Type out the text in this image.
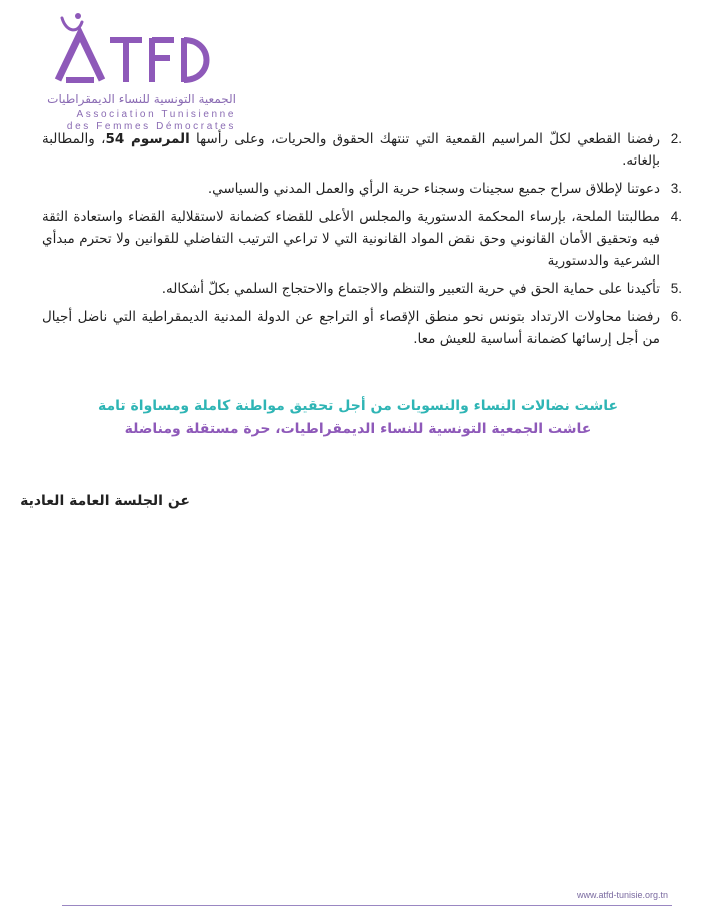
الجمعية التونسية للنساء الديمقراطيات
Association Tunisienne
des Femmes Démocrates
2.
رفضنا القطعي لكلّ المراسيم القمعية التي تنتهك الحقوق والحريات، وعلى رأسها المرسوم 54، والمطالبة بإلغائه.
3.
دعوتنا لإطلاق سراح جميع سجينات وسجناء حرية الرأي والعمل المدني والسياسي.
4.
مطالبتنا الملحة، بإرساء المحكمة الدستورية والمجلس الأعلى للقضاء كضمانة لاستقلالية القضاء واستعادة الثقة فيه وتحقيق الأمان القانوني وحق نقض المواد القانونية التي لا تراعي الترتيب التفاضلي للقوانين ولا تحترم مبدأي الشرعية والدستورية
5.
تأكيدنا على حماية الحق في حرية التعبير والتنظم والاجتماع والاحتجاج السلمي بكلّ أشكاله.
6.
رفضنا محاولات الارتداد بتونس نحو منطق الإقصاء أو التراجع عن الدولة المدنية الديمقراطية التي ناضل أجيال من أجل إرسائها كضمانة أساسية للعيش معا.
عاشت نضالات النساء والنسويات من أجل تحقيق مواطنة كاملة ومساواة تامة
عاشت الجمعية التونسية للنساء الديمقراطيات، حرة مستقلة ومناضلة
عن الجلسة العامة العادية
www.atfd-tunisie.org.tn
